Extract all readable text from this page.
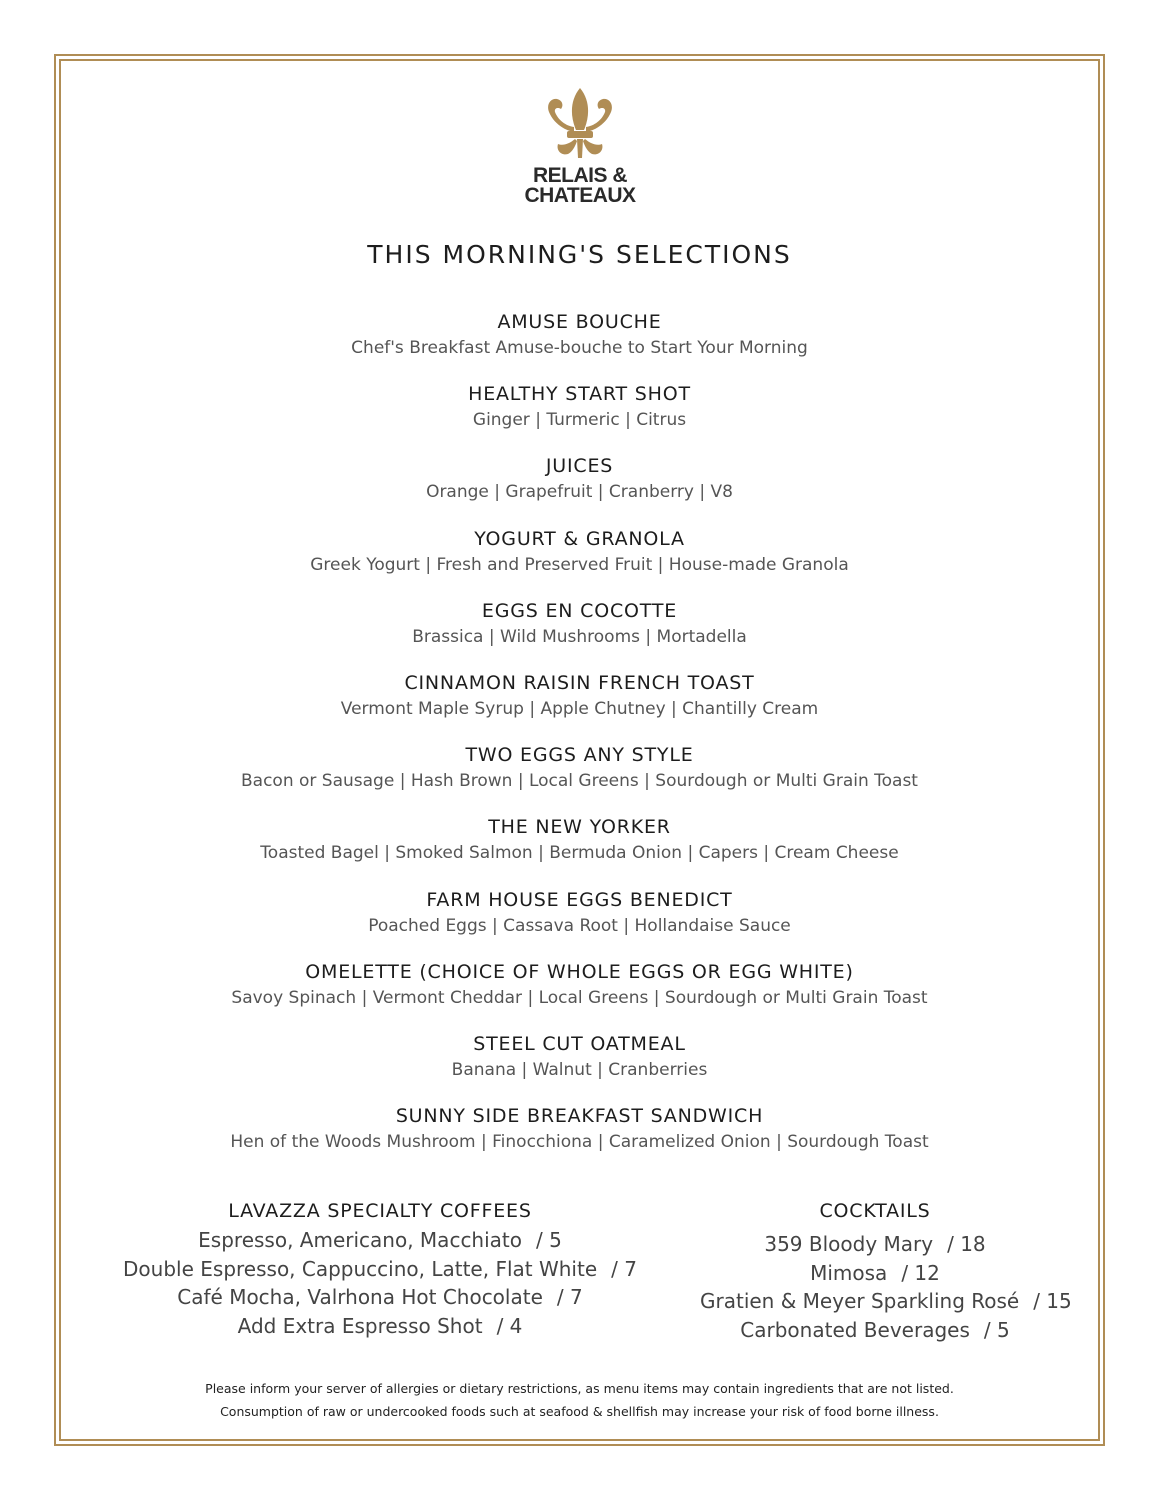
RELAIS &
CHATEAUX
THIS MORNING'S SELECTIONS
AMUSE BOUCHE
Chef's Breakfast Amuse-bouche to Start Your Morning
HEALTHY START SHOT
Ginger | Turmeric | Citrus
JUICES
Orange | Grapefruit | Cranberry | V8
YOGURT & GRANOLA
Greek Yogurt | Fresh and Preserved Fruit | House-made Granola
EGGS EN COCOTTE
Brassica | Wild Mushrooms | Mortadella
CINNAMON RAISIN FRENCH TOAST
Vermont Maple Syrup | Apple Chutney | Chantilly Cream
TWO EGGS ANY STYLE
Bacon or Sausage | Hash Brown | Local Greens | Sourdough or Multi Grain Toast
THE NEW YORKER
Toasted Bagel | Smoked Salmon | Bermuda Onion | Capers | Cream Cheese
FARM HOUSE EGGS BENEDICT
Poached Eggs | Cassava Root | Hollandaise Sauce
OMELETTE (CHOICE OF WHOLE EGGS OR EGG WHITE)
Savoy Spinach | Vermont Cheddar | Local Greens | Sourdough or Multi Grain Toast
STEEL CUT OATMEAL
Banana | Walnut | Cranberries
SUNNY SIDE BREAKFAST SANDWICH
Hen of the Woods Mushroom | Finocchiona | Caramelized Onion | Sourdough Toast
LAVAZZA SPECIALTY COFFEES
Espresso, Americano, Macchiato / 5
Double Espresso, Cappuccino, Latte, Flat White / 7
Café Mocha, Valrhona Hot Chocolate / 7
Add Extra Espresso Shot / 4
COCKTAILS
359 Bloody Mary / 18
Mimosa / 12
Gratien & Meyer Sparkling Rosé / 15
Carbonated Beverages / 5
Please inform your server of allergies or dietary restrictions, as menu items may contain ingredients that are not listed.
Consumption of raw or undercooked foods such at seafood & shellfish may increase your risk of food borne illness.
